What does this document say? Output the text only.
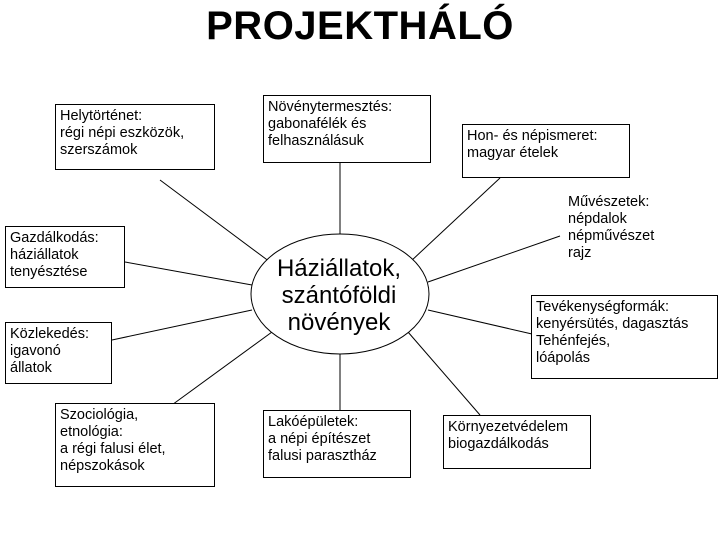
PROJEKTHÁLÓ
Háziállatok,
szántóföldi
növények
Helytörténet:
régi népi eszközök,
szerszámok
Növénytermesztés:
gabonafélék és
felhasználásuk	Hon- és népismeret:
magyar ételek
Gazdálkodás:
háziállatok
tenyésztése
Művészetek:
népdalok
népművészet
rajz
Közlekedés:
igavonó
állatok
Tevékenységformák:
kenyérsütés, dagasztás
Tehénfejés,
lóápolás
Szociológia,
etnológia:
a régi falusi élet,
népszokások
Lakóépületek:
a népi építészet
falusi parasztház
Környezetvédelem
biogazdálkodás
